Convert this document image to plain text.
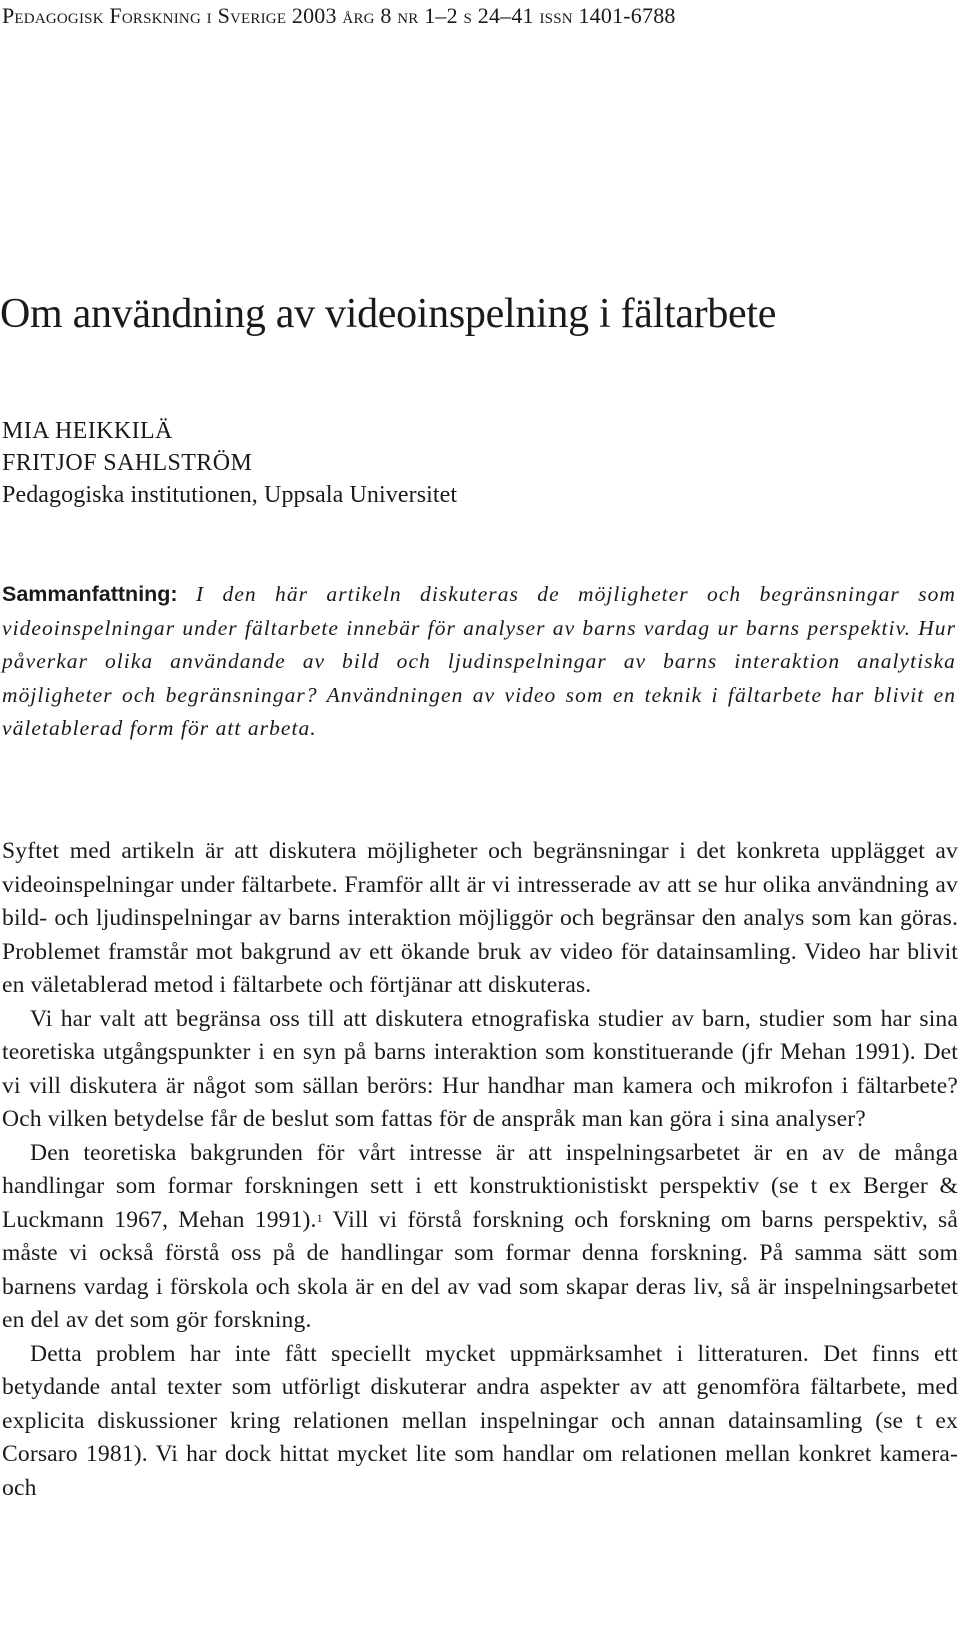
Pedagogisk Forskning i Sverige 2003 årg 8 nr 1–2 s 24–41 issn 1401-6788
Om användning av videoinspelning i fältarbete
MIA HEIKKILÄ
FRITJOF SAHLSTRÖM
Pedagogiska institutionen, Uppsala Universitet
Sammanfattning: I den här artikeln diskuteras de möjligheter och begränsningar som videoinspelningar under fältarbete innebär för analyser av barns vardag ur barns perspektiv. Hur påverkar olika användande av bild och ljudinspelningar av barns interaktion analytiska möjligheter och begränsningar? Användningen av video som en teknik i fältarbete har blivit en väletablerad form för att arbeta.

Syftet med artikeln är att diskutera möjligheter och begränsningar i det konkreta upplägget av videoinspelningar under fältarbete. Framför allt är vi intresserade av att se hur olika användning av bild- och ljudinspelningar av barns interaktion möjliggör och begränsar den analys som kan göras. Problemet framstår mot bakgrund av ett ökande bruk av video för datainsamling. Video har blivit en väletablerad metod i fältarbete och förtjänar att diskuteras.

Vi har valt att begränsa oss till att diskutera etnografiska studier av barn, studier som har sina teoretiska utgångspunkter i en syn på barns interaktion som konstituerande (jfr Mehan 1991). Det vi vill diskutera är något som sällan berörs: Hur handhar man kamera och mikrofon i fältarbete? Och vilken betydelse får de beslut som fattas för de anspråk man kan göra i sina analyser?

Den teoretiska bakgrunden för vårt intresse är att inspelningsarbetet är en av de många handlingar som formar forskningen sett i ett konstruktionistiskt perspektiv (se t ex Berger & Luckmann 1967, Mehan 1991).$^1$ Vill vi förstå forskning och forskning om barns perspektiv, så måste vi också förstå oss på de handlingar som formar denna forskning. På samma sätt som barnens vardag i förskola och skola är en del av vad som skapar deras liv, så är inspelningsarbetet en del av det som gör forskning.

Detta problem har inte fått speciellt mycket uppmärksamhet i litteraturen. Det finns ett betydande antal texter som utförligt diskuterar andra aspekter av att genomföra fältarbete, med explicita diskussioner kring relationen mellan inspelningar och annan datainsamling (se t ex Corsaro 1981). Vi har dock hittat mycket lite som handlar om relationen mellan konkret kamera- och
